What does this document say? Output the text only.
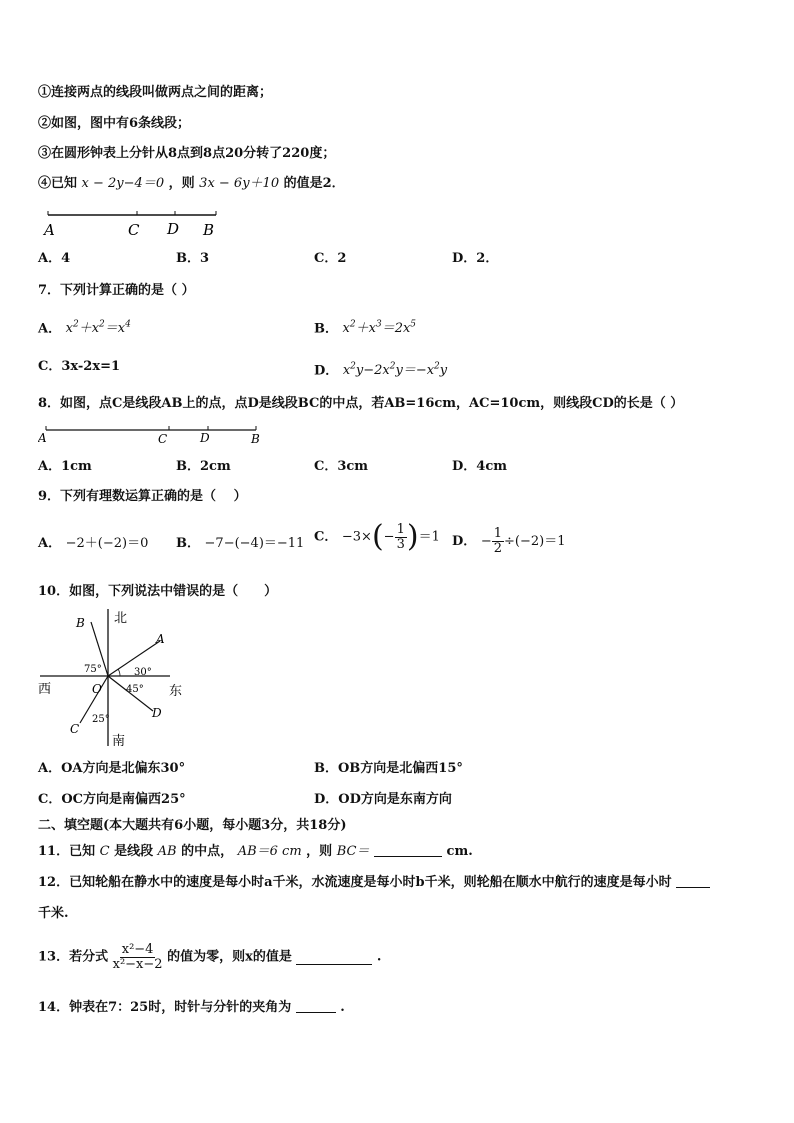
①连接两点的线段叫做两点之间的距离；
②如图，图中有6条线段；
③在圆形钟表上分针从8点到8点20分转了220度；
④已知 x − 2y−4＝0 ，则 3x − 6y＋10 的值是2．
A	C D B
A．4	B．3	C．2	D．2．
7．下列计算正确的是（ ）
A． $x^2+x^2=x^4$	B． $x^2+x^3=2x^5$
C．3x-2x=1	D． $x^2y-2x^2y=-x^2y$
8．如图，点C是线段AB上的点，点D是线段BC的中点，若AB=16cm，AC=10cm，则线段CD的长是（ ）
A	C	D	B
A．1cm	B．2cm	C．3cm	D．4cm
9．下列有理数运算正确的是（　 ）
A． −2＋(−2)＝0 B． −7−(−4)＝−11 C． $-3\times(- \frac{1}{3} )=1$ D． − $\frac{1}{2} \div(-2)=1$
10．如图，下列说法中错误的是（　　）
北
南
东
西
A
B
C
D
O
75°	30°
45°
25°
A．OA方向是北偏东30°	B．OB方向是北偏西15°
C．OC方向是南偏西25°	D．OD方向是东南方向
二、填空题(本大题共有6小题，每小题3分，共18分)
11．已知 C 是线段 AB 的中点， AB＝6 cm ，则 BC＝	cm.
12．已知轮船在静水中的速度是每小时a千米，水流速度是每小时b千米，则轮船在顺水中航行的速度是每小时
千米.
13．若分式 $\frac{\text{x²−4}}{\text{x²−x−2}}$ 的值为零，则x的值是	.
14．钟表在7：25时，时针与分针的夹角为	.
